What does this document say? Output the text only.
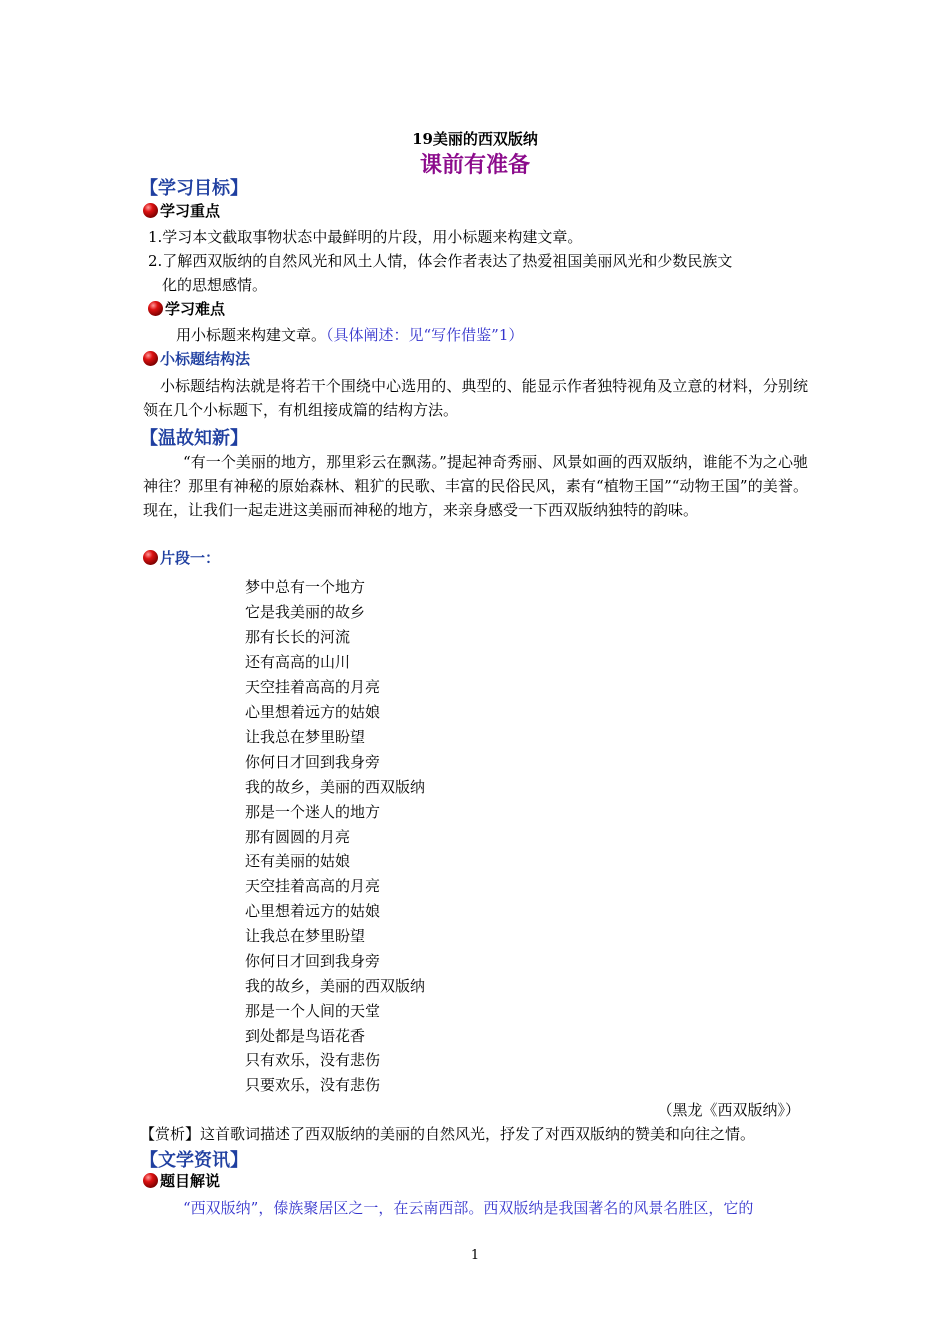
19美丽的西双版纳
课前有准备
【学习目标】
学习重点
1.学习本文截取事物状态中最鲜明的片段，用小标题来构建文章。
2.了解西双版纳的自然风光和风土人情，体会作者表达了热爱祖国美丽风光和少数民族文
化的思想感情。
学习难点
用小标题来构建文章。（具体阐述：见“写作借鉴”1）
小标题结构法
小标题结构法就是将若干个围绕中心选用的、典型的、能显示作者独特视角及立意的材料，分别统领在几个小标题下，有机组接成篇的结构方法。
【温故知新】
“有一个美丽的地方，那里彩云在飘荡。”提起神奇秀丽、风景如画的西双版纳，谁能不为之心驰神往？那里有神秘的原始森林、粗犷的民歌、丰富的民俗民风，素有“植物王国”“动物王国”的美誉。现在，让我们一起走进这美丽而神秘的地方，来亲身感受一下西双版纳独特的韵味。
片段一：
梦中总有一个地方
它是我美丽的故乡
那有长长的河流
还有高高的山川
天空挂着高高的月亮
心里想着远方的姑娘
让我总在梦里盼望
你何日才回到我身旁
我的故乡，美丽的西双版纳
那是一个迷人的地方
那有圆圆的月亮
还有美丽的姑娘
天空挂着高高的月亮
心里想着远方的姑娘
让我总在梦里盼望
你何日才回到我身旁
我的故乡，美丽的西双版纳
那是一个人间的天堂
到处都是鸟语花香
只有欢乐，没有悲伤
只要欢乐，没有悲伤
（黑龙《西双版纳》）
【赏析】这首歌词描述了西双版纳的美丽的自然风光，抒发了对西双版纳的赞美和向往之情。
【文学资讯】
题目解说
“西双版纳”，傣族聚居区之一，在云南西部。西双版纳是我国著名的风景名胜区，它的
1
